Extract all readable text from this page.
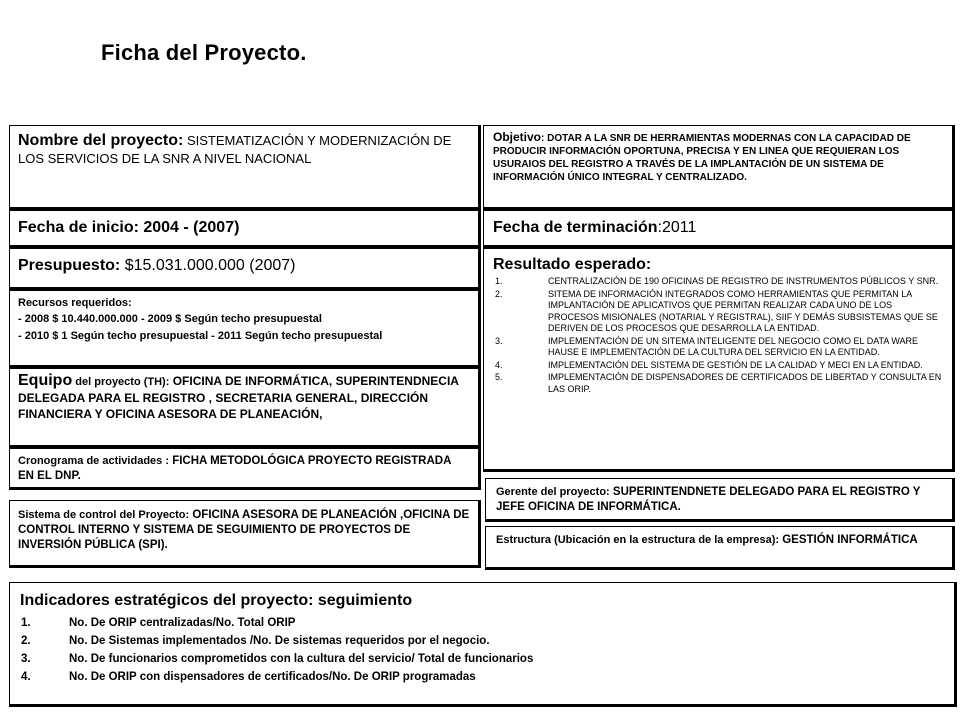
Ficha del Proyecto.
Nombre del proyecto: SISTEMATIZACIÓN Y MODERNIZACIÓN DE LOS SERVICIOS DE LA SNR A NIVEL NACIONAL
Objetivo: DOTAR A LA SNR DE HERRAMIENTAS MODERNAS CON LA CAPACIDAD DE PRODUCIR INFORMACIÓN OPORTUNA, PRECISA Y EN LINEA QUE REQUIERAN LOS USURAIOS DEL REGISTRO A TRAVÉS DE LA IMPLANTACIÓN DE UN SISTEMA DE INFORMACIÓN ÚNICO INTEGRAL Y CENTRALIZADO.
Fecha de inicio: 2004 - (2007)	Fecha de terminación:2011
Presupuesto: $15.031.000.000 (2007)	Resultado esperado:
1.	CENTRALIZACIÓN DE 190 OFICINAS DE REGISTRO DE INSTRUMENTOS PÚBLICOS Y SNR.
2.	SITEMA DE INFORMACIÓN INTEGRADOS COMO HERRAMIENTAS QUE PERMITAN LA IMPLANTACIÓN DE APLICATIVOS QUE PERMITAN REALIZAR CADA UNO DE LOS PROCESOS MISIONALES (NOTARIAL Y REGISTRAL), SIIF Y DEMÁS SUBSISTEMAS QUE SE DERIVEN DE LOS PROCESOS QUE DESARROLLA LA ENTIDAD.
3.	IMPLEMENTACIÓN DE UN SITEMA INTELIGENTE DEL NEGOCIO COMO EL DATA WARE HAUSE E IMPLEMENTACIÓN DE LA CULTURA DEL SERVICIO EN LA ENTIDAD.
4.	IMPLEMENTACIÓN DEL SISTEMA DE GESTIÓN DE LA CALIDAD Y MECI EN LA ENTIDAD.
5.	IMPLEMENTACIÓN DE DISPENSADORES DE CERTIFICADOS DE LIBERTAD Y CONSULTA EN LAS ORIP.
Recursos requeridos:
- 2008 $ 10.440.000.000 - 2009 $ Según techo presupuestal
- 2010 $ 1 Según techo presupuestal - 2011 Según techo presupuestal
Equipo del proyecto (TH): OFICINA DE INFORMÁTICA, SUPERINTENDNECIA DELEGADA PARA EL REGISTRO , SECRETARIA GENERAL, DIRECCIÓN FINANCIERA Y OFICINA ASESORA DE PLANEACIÓN,
Cronograma de actividades : FICHA METODOLÓGICA PROYECTO REGISTRADA EN EL DNP.
Gerente del proyecto: SUPERINTENDNETE DELEGADO PARA EL REGISTRO Y JEFE OFICINA DE INFORMÁTICA.
Sistema de control del Proyecto: OFICINA ASESORA DE PLANEACIÓN ,OFICINA DE CONTROL INTERNO Y SISTEMA DE SEGUIMIENTO DE PROYECTOS DE INVERSIÓN PÚBLICA (SPI).	Estructura (Ubicación en la estructura de la empresa): GESTIÓN INFORMÁTICA
Indicadores estratégicos del proyecto: seguimiento
1.	No. De ORIP centralizadas/No. Total ORIP
2.	No. De Sistemas implementados /No. De sistemas requeridos por el negocio.
3.	No. De funcionarios comprometidos con la cultura del servicio/ Total de funcionarios
4.	No. De ORIP con dispensadores de certificados/No. De ORIP programadas
